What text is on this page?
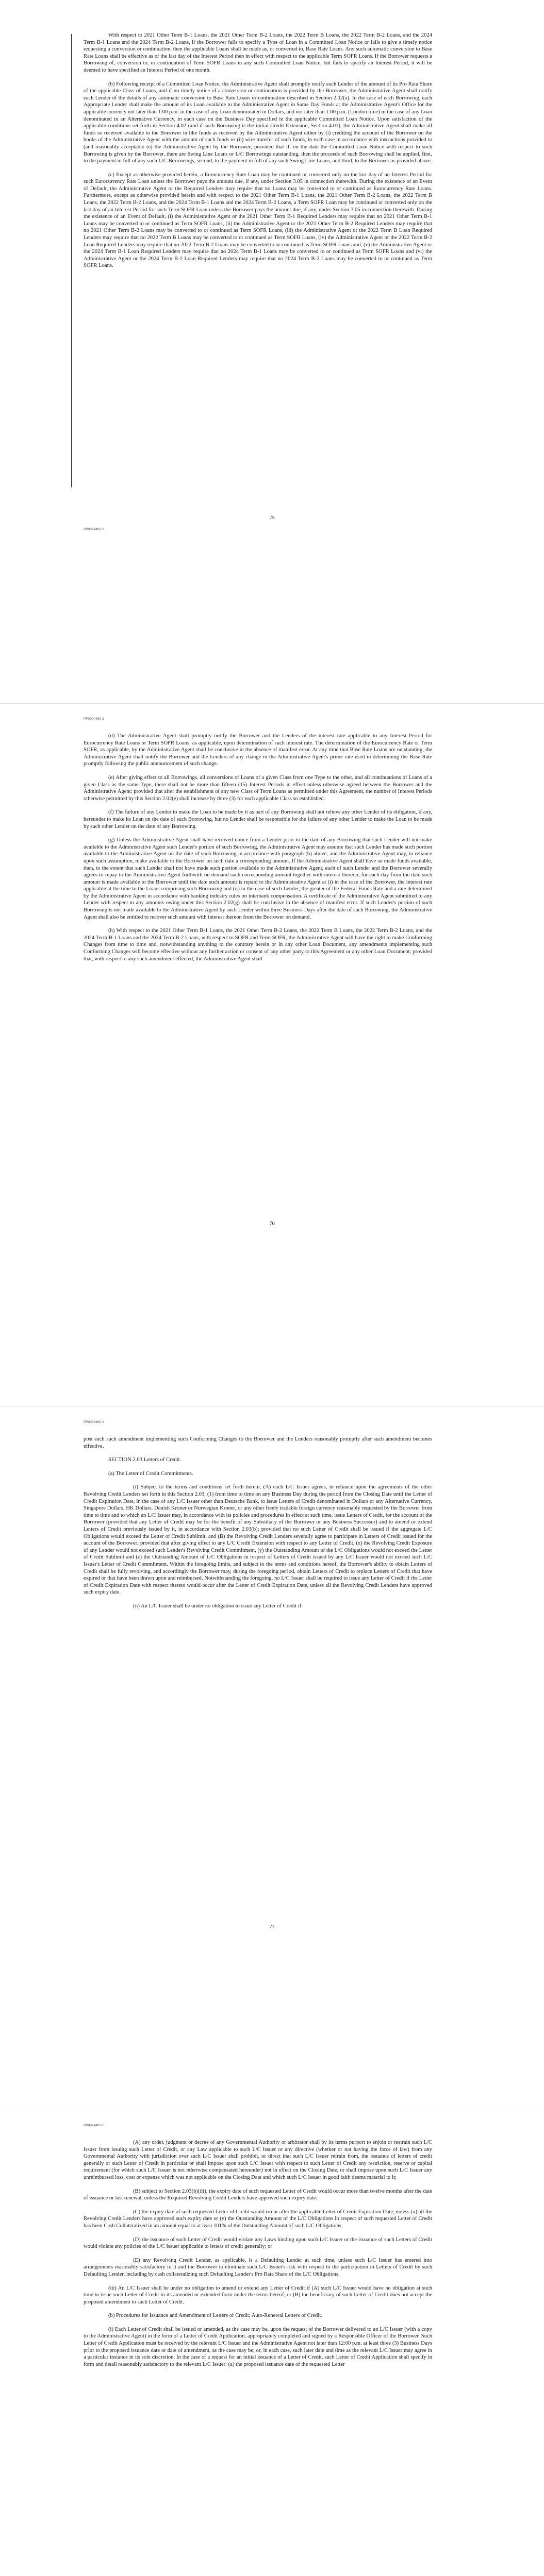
With respect to 2021 Other Term B-1 Loans, the 2021 Other Term B-2 Loans, the 2022 Term B Loans, the 2022 Term B-2 Loans, and the 2024 Term B-1 Loans and the 2024 Term B-2 Loans, if the Borrower fails to specify a Type of Loan in a Committed Loan Notice or fails to give a timely notice requesting a conversion or continuation, then the applicable Loans shall be made as, or converted to, Base Rate Loans. Any such automatic conversion to Base Rate Loans shall be effective as of the last day of the Interest Period then in effect with respect to the applicable Term SOFR Loans. If the Borrower requests a Borrowing of, conversion to, or continuation of Term SOFR Loans in any such Committed Loan Notice, but fails to specify an Interest Period, it will be deemed to have specified an Interest Period of one month.

(b) Following receipt of a Committed Loan Notice, the Administrative Agent shall promptly notify each Lender of the amount of its Pro Rata Share of the applicable Class of Loans, and if no timely notice of a conversion or continuation is provided by the Borrower, the Administrative Agent shall notify each Lender of the details of any automatic conversion to Base Rate Loans or continuation described in Section 2.02(a). In the case of each Borrowing, each Appropriate Lender shall make the amount of its Loan available to the Administrative Agent in Same Day Funds at the Administrative Agent's Office for the applicable currency not later than 1:00 p.m. in the case of any Loan denominated in Dollars, and not later than 1:00 p.m. (London time) in the case of any Loan denominated in an Alternative Currency, in each case on the Business Day specified in the applicable Committed Loan Notice. Upon satisfaction of the applicable conditions set forth in Section 4.02 (and if such Borrowing is the initial Credit Extension, Section 4.01), the Administrative Agent shall make all funds so received available to the Borrower in like funds as received by the Administrative Agent either by (i) crediting the account of the Borrower on the books of the Administrative Agent with the amount of such funds or (ii) wire transfer of such funds, in each case in accordance with instructions provided to (and reasonably acceptable to) the Administrative Agent by the Borrower; provided that if, on the date the Committed Loan Notice with respect to such Borrowing is given by the Borrower, there are Swing Line Loans or L/C Borrowings outstanding, then the proceeds of such Borrowing shall be applied, first, to the payment in full of any such L/C Borrowings, second, to the payment in full of any such Swing Line Loans, and third, to the Borrower as provided above.

(c) Except as otherwise provided herein, a Eurocurrency Rate Loan may be continued or converted only on the last day of an Interest Period for such Eurocurrency Rate Loan unless the Borrower pays the amount due, if any, under Section 3.05 in connection therewith. During the existence of an Event of Default, the Administrative Agent or the Required Lenders may require that no Loans may be converted to or continued as Eurocurrency Rate Loans. Furthermore, except as otherwise provided herein and with respect to the 2021 Other Term B-1 Loans, the 2021 Other Term B-2 Loans, the 2022 Term B Loans, the 2022 Term B-2 Loans, and the 2024 Term B-1 Loans and the 2024 Term B-2 Loans, a Term SOFR Loan may be continued or converted only on the last day of an Interest Period for such Term SOFR Loan unless the Borrower pays the amount due, if any, under Section 3.05 in connection therewith. During the existence of an Event of Default, (i) the Administrative Agent or the 2021 Other Term B-1 Required Lenders may require that no 2021 Other Term B-1 Loans may be converted to or continued as Term SOFR Loans, (ii) the Administrative Agent or the 2021 Other Term B-2 Required Lenders may require that no 2021 Other Term B-2 Loans may be converted to or continued as Term SOFR Loans, (iii) the Administrative Agent or the 2022 Term B Loan Required Lenders may require that no 2022 Term B Loans may be converted to or continued as Term SOFR Loans, (iv) the Administrative Agent or the 2022 Term B-2 Loan Required Lenders may require that no 2022 Term B-2 Loans may be converted to or continued as Term SOFR Loans and, (v) the Administrative Agent or the 2024 Term B-1 Loan Required Lenders may require that no 2024 Term B-1 Loans may be converted to or continued as Term SOFR Loans and (vi) the Administrative Agent or the 2024 Term B-2 Loan Required Lenders may require that no 2024 Term B-2 Loans may be converted to or continued as Term SOFR Loans.

75
PP0024460-2
PP0024460-2

(d) The Administrative Agent shall promptly notify the Borrower and the Lenders of the interest rate applicable to any Interest Period for Eurocurrency Rate Loans or Term SOFR Loans, as applicable, upon determination of such interest rate. The determination of the Eurocurrency Rate or Term SOFR, as applicable, by the Administrative Agent shall be conclusive in the absence of manifest error. At any time that Base Rate Loans are outstanding, the Administrative Agent shall notify the Borrower and the Lenders of any change in the Administrative Agent's prime rate used in determining the Base Rate promptly following the public announcement of such change.

(e) After giving effect to all Borrowings, all conversions of Loans of a given Class from one Type to the other, and all continuations of Loans of a given Class as the same Type, there shall not be more than fifteen (15) Interest Periods in effect unless otherwise agreed between the Borrower and the Administrative Agent; provided that after the establishment of any new Class of Term Loans as permitted under this Agreement, the number of Interest Periods otherwise permitted by this Section 2.02(e) shall increase by three (3) for each applicable Class so established.

(f) The failure of any Lender to make the Loan to be made by it as part of any Borrowing shall not relieve any other Lender of its obligation, if any, hereunder to make its Loan on the date of such Borrowing, but no Lender shall be responsible for the failure of any other Lender to make the Loan to be made by such other Lender on the date of any Borrowing.

(g) Unless the Administrative Agent shall have received notice from a Lender prior to the date of any Borrowing that such Lender will not make available to the Administrative Agent such Lender's portion of such Borrowing, the Administrative Agent may assume that such Lender has made such portion available to the Administrative Agent on the date of such Borrowing in accordance with paragraph (b) above, and the Administrative Agent may, in reliance upon such assumption, make available to the Borrower on such date a corresponding amount. If the Administrative Agent shall have so made funds available, then, to the extent that such Lender shall not have made such portion available to the Administrative Agent, each of such Lender and the Borrower severally agrees to repay to the Administrative Agent forthwith on demand such corresponding amount together with interest thereon, for each day from the date such amount is made available to the Borrower until the date such amount is repaid to the Administrative Agent at (i) in the case of the Borrower, the interest rate applicable at the time to the Loans comprising such Borrowing and (ii) in the case of such Lender, the greater of the Federal Funds Rate and a rate determined by the Administrative Agent in accordance with banking industry rules on interbank compensation. A certificate of the Administrative Agent submitted to any Lender with respect to any amounts owing under this Section 2.02(g) shall be conclusive in the absence of manifest error. If such Lender's portion of such Borrowing is not made available to the Administrative Agent by such Lender within three Business Days after the date of such Borrowing, the Administrative Agent shall also be entitled to recover such amount with interest thereon from the Borrower on demand.

(h) With respect to the 2021 Other Term B-1 Loans, the 2021 Other Term B-2 Loans, the 2022 Term B Loans, the 2022 Term B-2 Loans, and the 2024 Term B-1 Loans and the 2024 Term B-2 Loans, with respect to SOFR and Term SOFR, the Administrative Agent will have the right to make Conforming Changes from time to time and, notwithstanding anything to the contrary herein or in any other Loan Document, any amendments implementing such Conforming Changes will become effective without any further action or consent of any other party to this Agreement or any other Loan Document; provided that, with respect to any such amendment effected, the Administrative Agent shall

76
PP0024460-2

post each such amendment implementing such Conforming Changes to the Borrower and the Lenders reasonably promptly after such amendment becomes effective.

SECTION 2.03 Letters of Credit.

(a) The Letter of Credit Commitments.

(i) Subject to the terms and conditions set forth herein, (A) each L/C Issuer agrees, in reliance upon the agreements of the other Revolving Credit Lenders set forth in this Section 2.03, (1) from time to time on any Business Day during the period from the Closing Date until the Letter of Credit Expiration Date, in the case of any L/C Issuer other than Deutsche Bank, to issue Letters of Credit denominated in Dollars or any Alternative Currency, Singapore Dollars, HK Dollars, Danish Kroner or Norwegian Kroner, or any other freely tradable foreign currency reasonably requested by the Borrower from time to time and to which an L/C Issuer may, in accordance with its policies and procedures in effect at such time, issue Letters of Credit, for the account of the Borrower (provided that any Letter of Credit may be for the benefit of any Subsidiary of the Borrower or any Business Successor) and to amend or extend Letters of Credit previously issued by it, in accordance with Section 2.03(b); provided that no such Letter of Credit shall be issued if the aggregate L/C Obligations would exceed the Letter of Credit Sublimit, and (B) the Revolving Credit Lenders severally agree to participate in Letters of Credit issued for the account of the Borrower; provided that after giving effect to any L/C Credit Extension with respect to any Letter of Credit, (x) the Revolving Credit Exposure of any Lender would not exceed such Lender's Revolving Credit Commitment, (y) the Outstanding Amount of the L/C Obligations would not exceed the Letter of Credit Sublimit and (z) the Outstanding Amount of L/C Obligations in respect of Letters of Credit issued by any L/C Issuer would not exceed such L/C Issuer's Letter of Credit Commitment. Within the foregoing limits, and subject to the terms and conditions hereof, the Borrower's ability to obtain Letters of Credit shall be fully revolving, and accordingly the Borrower may, during the foregoing period, obtain Letters of Credit to replace Letters of Credit that have expired or that have been drawn upon and reimbursed. Notwithstanding the foregoing, no L/C Issuer shall be required to issue any Letter of Credit if the Letter of Credit Expiration Date with respect thereto would occur after the Letter of Credit Expiration Date, unless all the Revolving Credit Lenders have approved such expiry date.

(ii) An L/C Issuer shall be under no obligation to issue any Letter of Credit if:

77
PP0024460-2

(A) any order, judgment or decree of any Governmental Authority or arbitrator shall by its terms purport to enjoin or restrain such L/C Issuer from issuing such Letter of Credit, or any Law applicable to such L/C Issuer or any directive (whether or not having the force of law) from any Governmental Authority with jurisdiction over such L/C Issuer shall prohibit, or direct that such L/C Issuer refrain from, the issuance of letters of credit generally or such Letter of Credit in particular or shall impose upon such L/C Issuer with respect to such Letter of Credit any restriction, reserve or capital requirement (for which such L/C Issuer is not otherwise compensated hereunder) not in effect on the Closing Date, or shall impose upon such L/C Issuer any unreimbursed loss, cost or expense which was not applicable on the Closing Date and which such L/C Issuer in good faith deems material to it;

(B) subject to Section 2.03(b)(iii), the expiry date of such requested Letter of Credit would occur more than twelve months after the date of issuance or last renewal, unless the Required Revolving Credit Lenders have approved such expiry date;

(C) the expiry date of such requested Letter of Credit would occur after the applicable Letter of Credit Expiration Date, unless (x) all the Revolving Credit Lenders have approved such expiry date or (y) the Outstanding Amount of the L/C Obligations in respect of such requested Letter of Credit has been Cash Collateralized in an amount equal to at least 101% of the Outstanding Amount of such L/C Obligations;

(D) the issuance of such Letter of Credit would violate any Laws binding upon such L/C Issuer or the issuance of such Letters of Credit would violate any policies of the L/C Issuer applicable to letters of credit generally; or

(E) any Revolving Credit Lender, as applicable, is a Defaulting Lender at such time, unless such L/C Issuer has entered into arrangements reasonably satisfactory to it and the Borrower to eliminate such L/C Issuer's risk with respect to the participation in Letters of Credit by such Defaulting Lender, including by cash collateralizing such Defaulting Lender's Pro Rata Share of the L/C Obligations.

(iii) An L/C Issuer shall be under no obligation to amend or extend any Letter of Credit if (A) such L/C Issuer would have no obligation at such time to issue such Letter of Credit in its amended or extended form under the terms hereof, or (B) the beneficiary of such Letter of Credit does not accept the proposed amendment to such Letter of Credit.

(b) Procedures for Issuance and Amendment of Letters of Credit; Auto-Renewal Letters of Credit.

(i) Each Letter of Credit shall be issued or amended, as the case may be, upon the request of the Borrower delivered to an L/C Issuer (with a copy to the Administrative Agent) in the form of a Letter of Credit Application, appropriately completed and signed by a Responsible Officer of the Borrower. Such Letter of Credit Application must be received by the relevant L/C Issuer and the Administrative Agent not later than 12:00 p.m. at least three (3) Business Days prior to the proposed issuance date or date of amendment, as the case may be; or, in each case, such later date and time as the relevant L/C Issuer may agree in a particular instance in its sole discretion. In the case of a request for an initial issuance of a Letter of Credit, such Letter of Credit Application shall specify in form and detail reasonably satisfactory to the relevant L/C Issuer: (a) the proposed issuance date of the requested Letter
